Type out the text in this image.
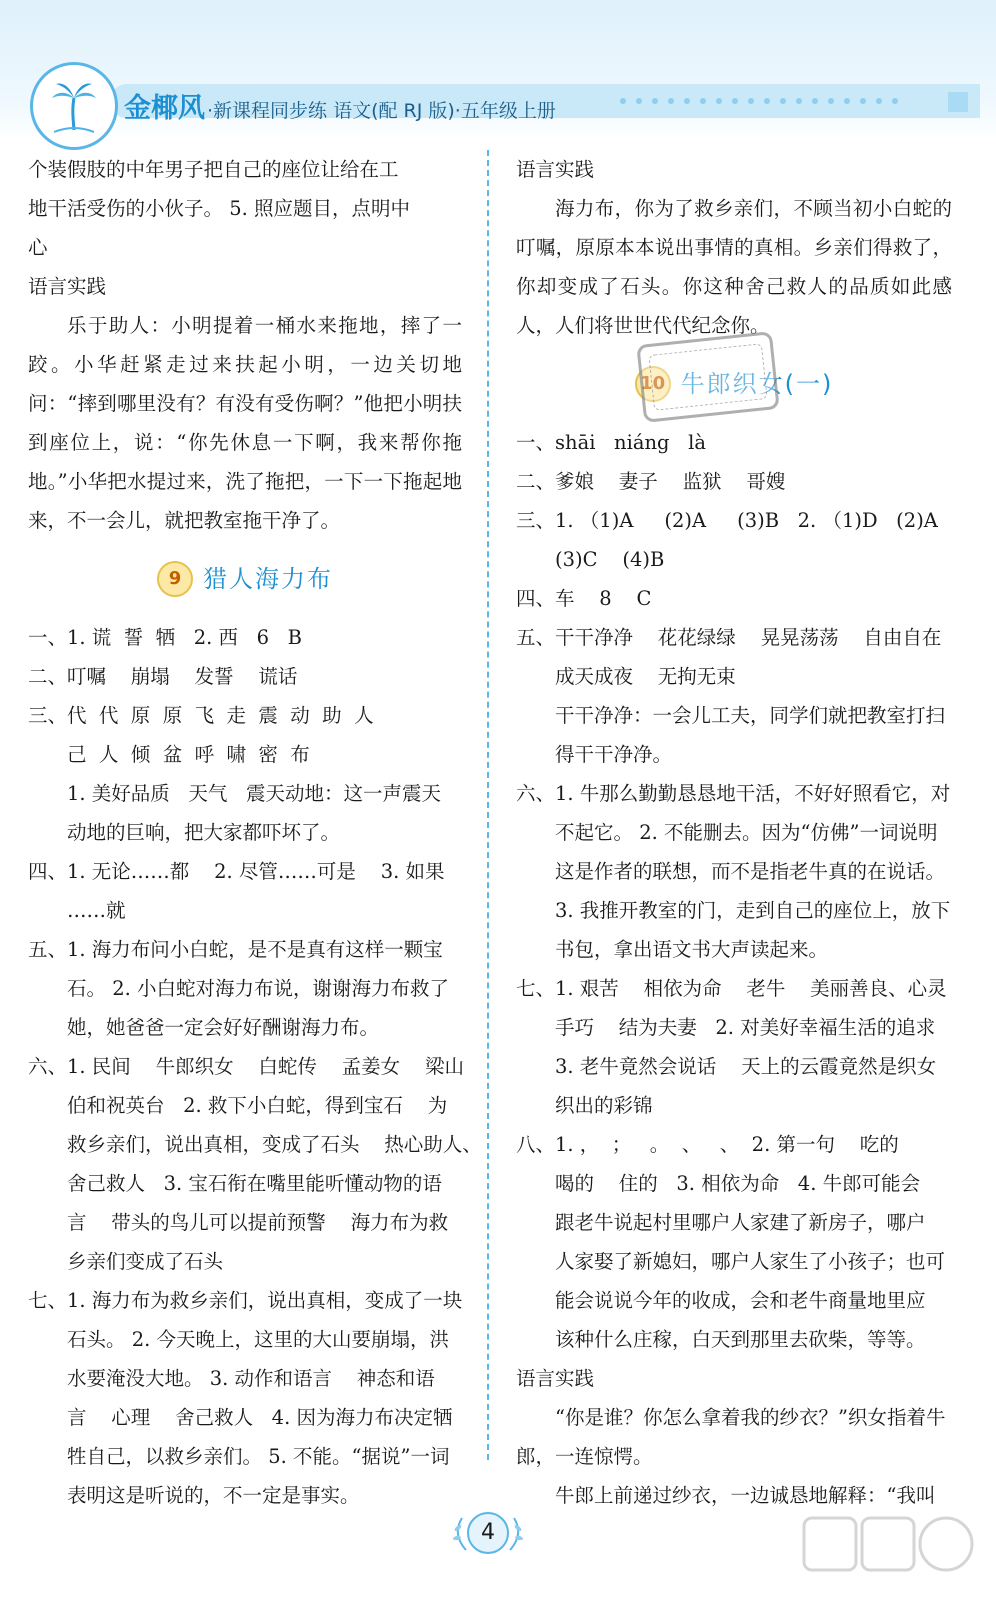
金椰风 ·新课程同步练 语文(配 RJ 版)·五年级上册

个装假肢的中年男子把自己的座位让给在工

地干活受伤的小伙子。 5. 照应题目，点明中

心

语言实践

乐于助人：小明提着一桶水来拖地，摔了一跤。小华赶紧走过来扶起小明，一边关切地问：“摔到哪里没有？有没有受伤啊？”他把小明扶到座位上，说：“你先休息一下啊，我来帮你拖地。”小华把水提过来，洗了拖把，一下一下拖起地来，不一会儿，就把教室拖干净了。

9 猎人海力布

一、1. 谎  誓  牺   2. 西   6   B

二、叮嘱    崩塌    发誓    谎话

三、代  代  原  原  飞  走  震  动  助  人

己  人  倾  盆  呼  啸  密  布

1. 美好品质   天气   震天动地：这一声震天

动地的巨响，把大家都吓坏了。

四、1. 无论……都    2. 尽管……可是    3. 如果

……就

五、1. 海力布问小白蛇，是不是真有这样一颗宝

石。 2. 小白蛇对海力布说，谢谢海力布救了

她，她爸爸一定会好好酬谢海力布。

六、1. 民间    牛郎织女    白蛇传    孟姜女    梁山

伯和祝英台   2. 救下小白蛇，得到宝石    为

救乡亲们，说出真相，变成了石头    热心助人、

舍己救人   3. 宝石衔在嘴里能听懂动物的语

言    带头的鸟儿可以提前预警    海力布为救

乡亲们变成了石头

七、1. 海力布为救乡亲们，说出真相，变成了一块

石头。 2. 今天晚上，这里的大山要崩塌，洪

水要淹没大地。 3. 动作和语言    神态和语

言    心理    舍己救人   4. 因为海力布决定牺

牲自己，以救乡亲们。 5. 不能。“据说”一词

表明这是听说的，不一定是事实。

语言实践

海力布，你为了救乡亲们，不顾当初小白蛇的叮嘱，原原本本说出事情的真相。乡亲们得救了，你却变成了石头。你这种舍己救人的品质如此感人，人们将世世代代纪念你。

10 牛郎织女(一)

一、shāi   niáng   là

二、爹娘    妻子    监狱    哥嫂

三、1. （1)A     (2)A     (3)B   2. （1)D   (2)A

(3)C    (4)B

四、车    8    C

五、干干净净    花花绿绿    晃晃荡荡    自由自在

成天成夜    无拘无束

干干净净：一会儿工夫，同学们就把教室打扫

得干干净净。

六、1. 牛那么勤勤恳恳地干活，不好好照看它，对

不起它。 2. 不能删去。因为“仿佛”一词说明

这是作者的联想，而不是指老牛真的在说话。

3. 我推开教室的门，走到自己的座位上，放下

书包，拿出语文书大声读起来。

七、1. 艰苦    相依为命    老牛    美丽善良、心灵

手巧    结为夫妻   2. 对美好幸福生活的追求

3. 老牛竟然会说话    天上的云霞竟然是织女

织出的彩锦

八、1. ，  ；   。  、   、  2. 第一句    吃的

喝的    住的   3. 相依为命   4. 牛郎可能会

跟老牛说起村里哪户人家建了新房子，哪户

人家娶了新媳妇，哪户人家生了小孩子；也可

能会说说今年的收成，会和老牛商量地里应

该种什么庄稼，白天到那里去砍柴，等等。

语言实践

“你是谁？你怎么拿着我的纱衣？”织女指着牛

郎，一连惊愕。

牛郎上前递过纱衣，一边诚恳地解释：“我叫

4
